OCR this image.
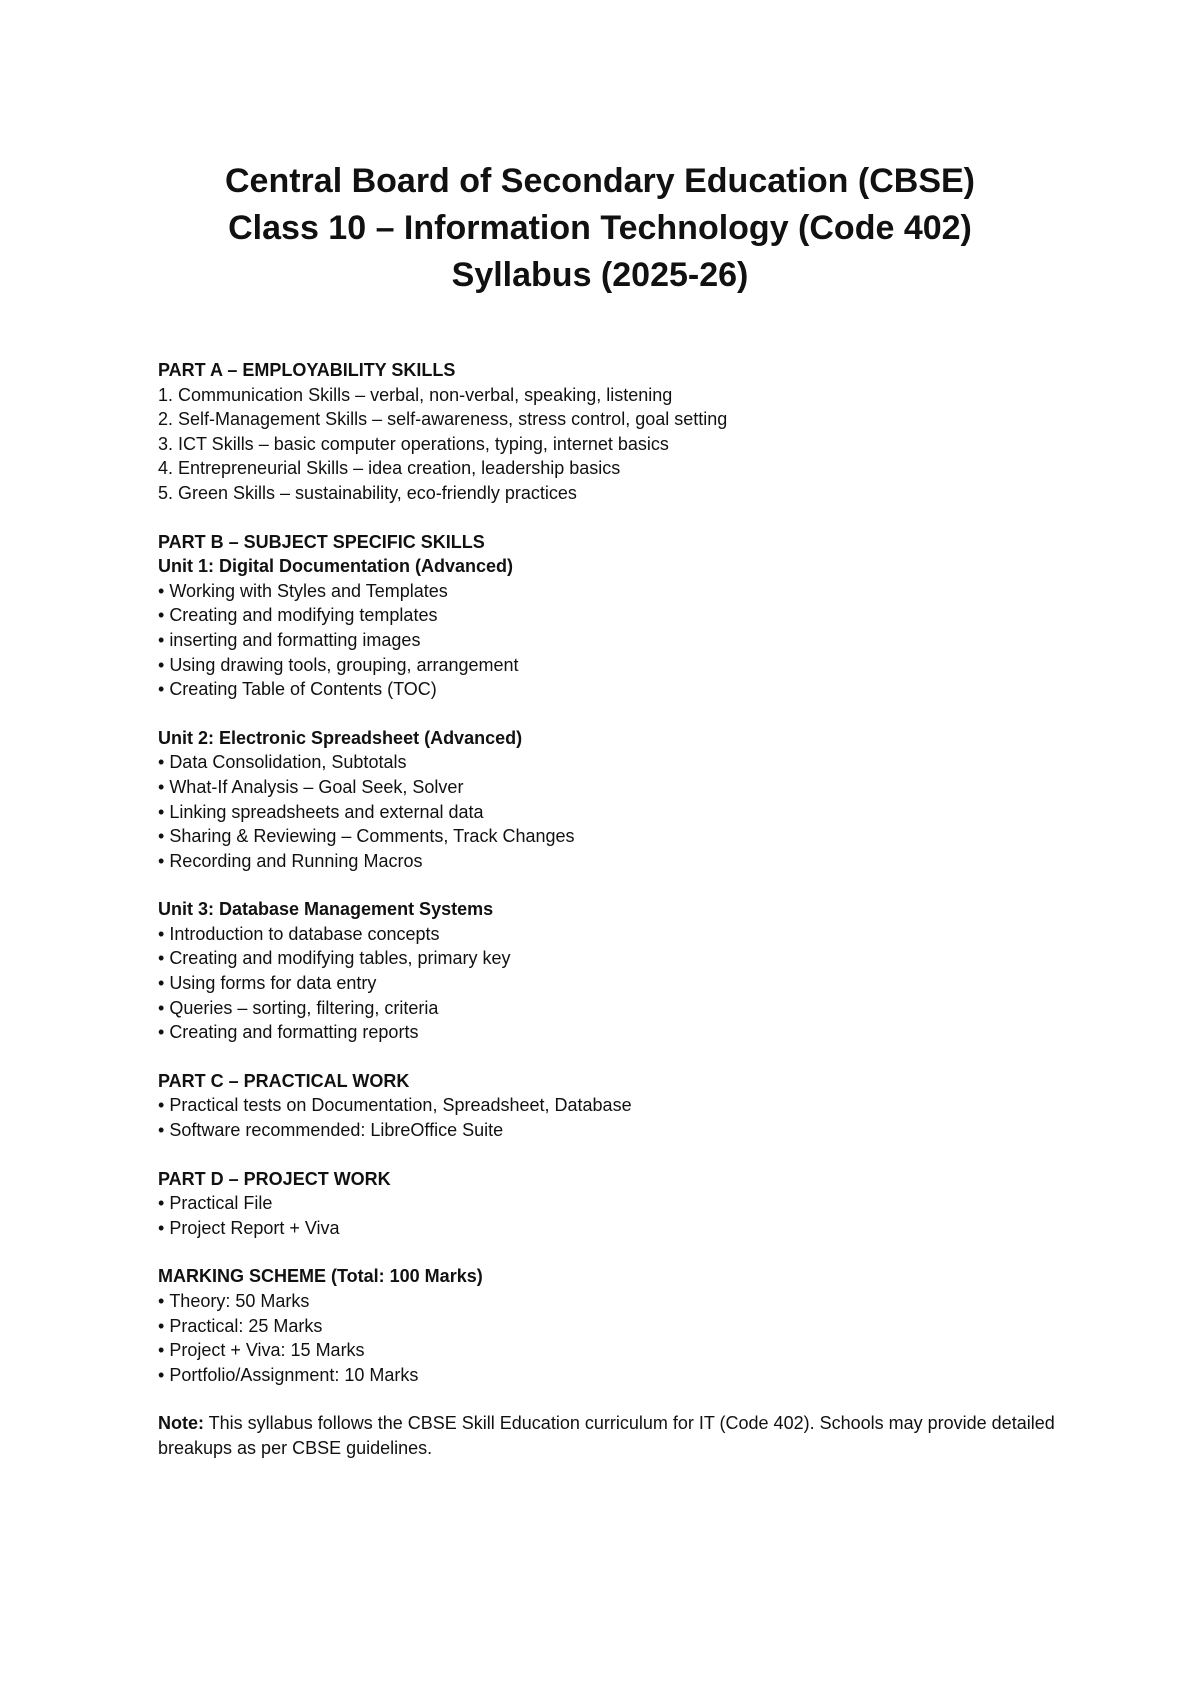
Central Board of Secondary Education (CBSE)
Class 10 – Information Technology (Code 402)
Syllabus (2025-26)
PART A – EMPLOYABILITY SKILLS
1. Communication Skills – verbal, non-verbal, speaking, listening
2. Self-Management Skills – self-awareness, stress control, goal setting
3. ICT Skills – basic computer operations, typing, internet basics
4. Entrepreneurial Skills – idea creation, leadership basics
5. Green Skills – sustainability, eco-friendly practices
PART B – SUBJECT SPECIFIC SKILLS
Unit 1: Digital Documentation (Advanced)
• Working with Styles and Templates
• Creating and modifying templates
• inserting and formatting images
• Using drawing tools, grouping, arrangement
• Creating Table of Contents (TOC)
Unit 2: Electronic Spreadsheet (Advanced)
• Data Consolidation, Subtotals
• What-If Analysis – Goal Seek, Solver
• Linking spreadsheets and external data
• Sharing & Reviewing – Comments, Track Changes
• Recording and Running Macros
Unit 3: Database Management Systems
• Introduction to database concepts
• Creating and modifying tables, primary key
• Using forms for data entry
• Queries – sorting, filtering, criteria
• Creating and formatting reports
PART C – PRACTICAL WORK
• Practical tests on Documentation, Spreadsheet, Database
• Software recommended: LibreOffice Suite
PART D – PROJECT WORK
• Practical File
• Project Report + Viva
MARKING SCHEME (Total: 100 Marks)
• Theory: 50 Marks
• Practical: 25 Marks
• Project + Viva: 15 Marks
• Portfolio/Assignment: 10 Marks
Note: This syllabus follows the CBSE Skill Education curriculum for IT (Code 402). Schools may provide detailed breakups as per CBSE guidelines.
